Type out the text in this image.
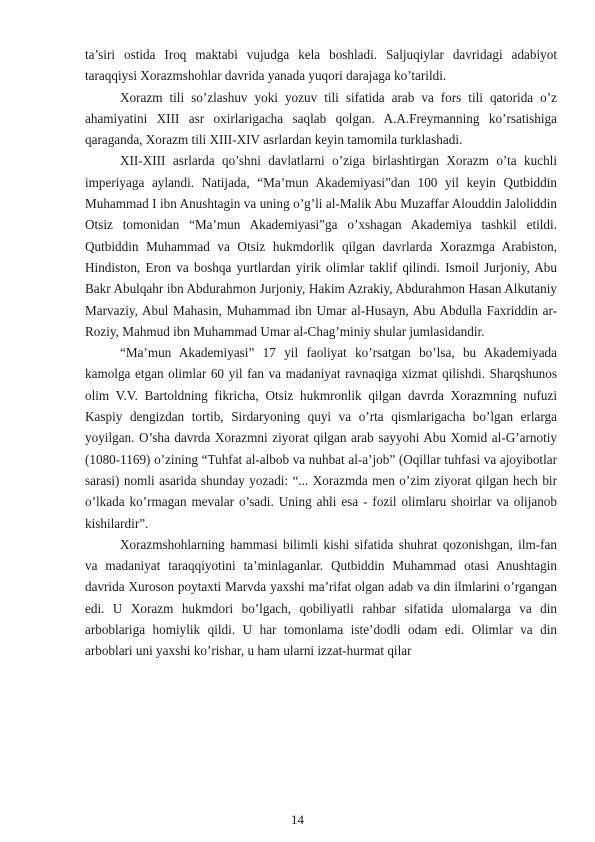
ta’siri ostida Iroq maktabi vujudga kela boshladi. Saljuqiylar davridagi adabiyot taraqqiysi Xorazmshohlar davrida yanada yuqori darajaga ko’tarildi.

Xorazm tili so’zlashuv yoki yozuv tili sifatida arab va fors tili qatorida o’z ahamiyatini XIII asr oxirlarigacha saqlab qolgan. A.A.Freymanning ko’rsatishiga qaraganda, Xorazm tili XIII-XIV asrlardan keyin tamomila turklashadi.

XII-XIII asrlarda qo’shni davlatlarni o’ziga birlashtirgan Xorazm o’ta kuchli imperiyaga aylandi. Natijada, “Ma’mun Akademiyasi”dan 100 yil keyin Qutbiddin Muhammad I ibn Anushtagin va uning o’g’li al-Malik Abu Muzaffar Alouddin Jaloliddin Otsiz tomonidan “Ma’mun Akademiyasi”ga o’xshagan Akademiya tashkil etildi. Qutbiddin Muhammad va Otsiz hukmdorlik qilgan davrlarda Xorazmga Arabiston, Hindiston, Eron va boshqa yurtlardan yirik olimlar taklif qilindi. Ismoil Jurjoniy, Abu Bakr Abulqahr ibn Abdurahmon Jurjoniy, Hakim Azrakiy, Abdurahmon Hasan Alkutaniy Marvaziy, Abul Mahasin, Muhammad ibn Umar al-Husayn, Abu Abdulla Faxriddin ar-Roziy, Mahmud ibn Muhammad Umar al-Chag’miniy shular jumlasidandir.

“Ma’mun Akademiyasi” 17 yil faoliyat ko’rsatgan bo’lsa, bu Akademiyada kamolga etgan olimlar 60 yil fan va madaniyat ravnaqiga xizmat qilishdi. Sharqshunos olim V.V. Bartoldning fikricha, Otsiz hukmronlik qilgan davrda Xorazmning nufuzi Kaspiy dengizdan tortib, Sirdaryoning quyi va o’rta qismlarigacha bo’lgan erlarga yoyilgan. O’sha davrda Xorazmni ziyorat qilgan arab sayyohi Abu Xomid al-G’arnotiy (1080-1169) o’zining “Tuhfat al-albob va nuhbat al-a’job” (Oqillar tuhfasi va ajoyibotlar sarasi) nomli asarida shunday yozadi: “... Xorazmda men o’zim ziyorat qilgan hech bir o’lkada ko’rmagan mevalar o’sadi. Uning ahli esa - fozil olimlaru shoirlar va olijanob kishilardir”.

Xorazmshohlarning hammasi bilimli kishi sifatida shuhrat qozonishgan, ilm-fan va madaniyat taraqqiyotini ta’minlaganlar. Qutbiddin Muhammad otasi Anushtagin davrida Xuroson poytaxti Marvda yaxshi ma’rifat olgan adab va din ilmlarini o’rgangan edi. U Xorazm hukmdori bo’lgach, qobiliyatli rahbar sifatida ulomalarga va din arboblariga homiylik qildi. U har tomonlama iste’dodli odam edi. Olimlar va din arboblari uni yaxshi ko’rishar, u ham ularni izzat-hurmat qilar

14
